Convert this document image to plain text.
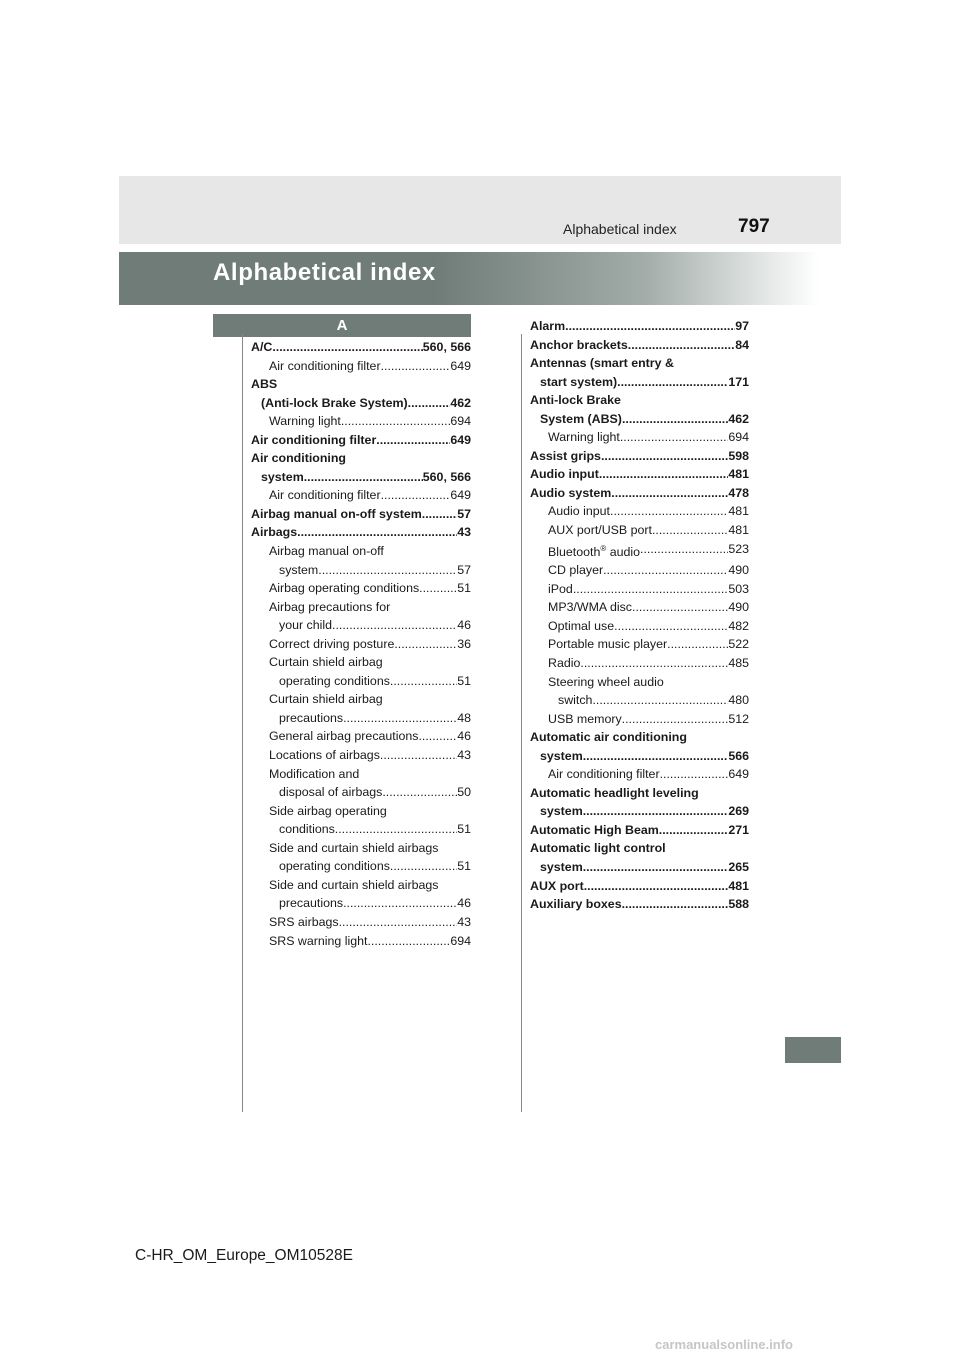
Alphabetical index	797
Alphabetical index
A
A/C .....	560, 566
Air conditioning filter .....	649
ABS
(Anti-lock Brake System) .....	462
Warning light .....	694
Air conditioning filter .....	649
Air conditioning
system .....	560, 566
Air conditioning filter .....	649
Airbag manual on-off system .....	57
Airbags .....	43
Airbag manual on-off
system .....	57
Airbag operating conditions .....	51
Airbag precautions for
your child .....	46
Correct driving posture .....	36
Curtain shield airbag
operating conditions .....	51
Curtain shield airbag
precautions .....	48
General airbag precautions .....	46
Locations of airbags .....	43
Modification and
disposal of airbags .....	50
Side airbag operating
conditions .....	51
Side and curtain shield airbags
operating conditions .....	51
Side and curtain shield airbags
precautions .....	46
SRS airbags .....	43
SRS warning light .....	694
Alarm .....	97
Anchor brackets .....	84
Antennas (smart entry &
start system) .....	171
Anti-lock Brake
System (ABS) .....	462
Warning light .....	694
Assist grips .....	598
Audio input .....	481
Audio system .....	478
Audio input .....	481
AUX port/USB port .....	481
Bluetooth® audio .....	523
CD player .....	490
iPod .....	503
MP3/WMA disc .....	490
Optimal use .....	482
Portable music player .....	522
Radio .....	485
Steering wheel audio
switch .....	480
USB memory .....	512
Automatic air conditioning
system .....	566
Air conditioning filter .....	649
Automatic headlight leveling
system .....	269
Automatic High Beam .....	271
Automatic light control
system .....	265
AUX port .....	481
Auxiliary boxes .....	588
C-HR_OM_Europe_OM10528E
carmanualsonline.info
